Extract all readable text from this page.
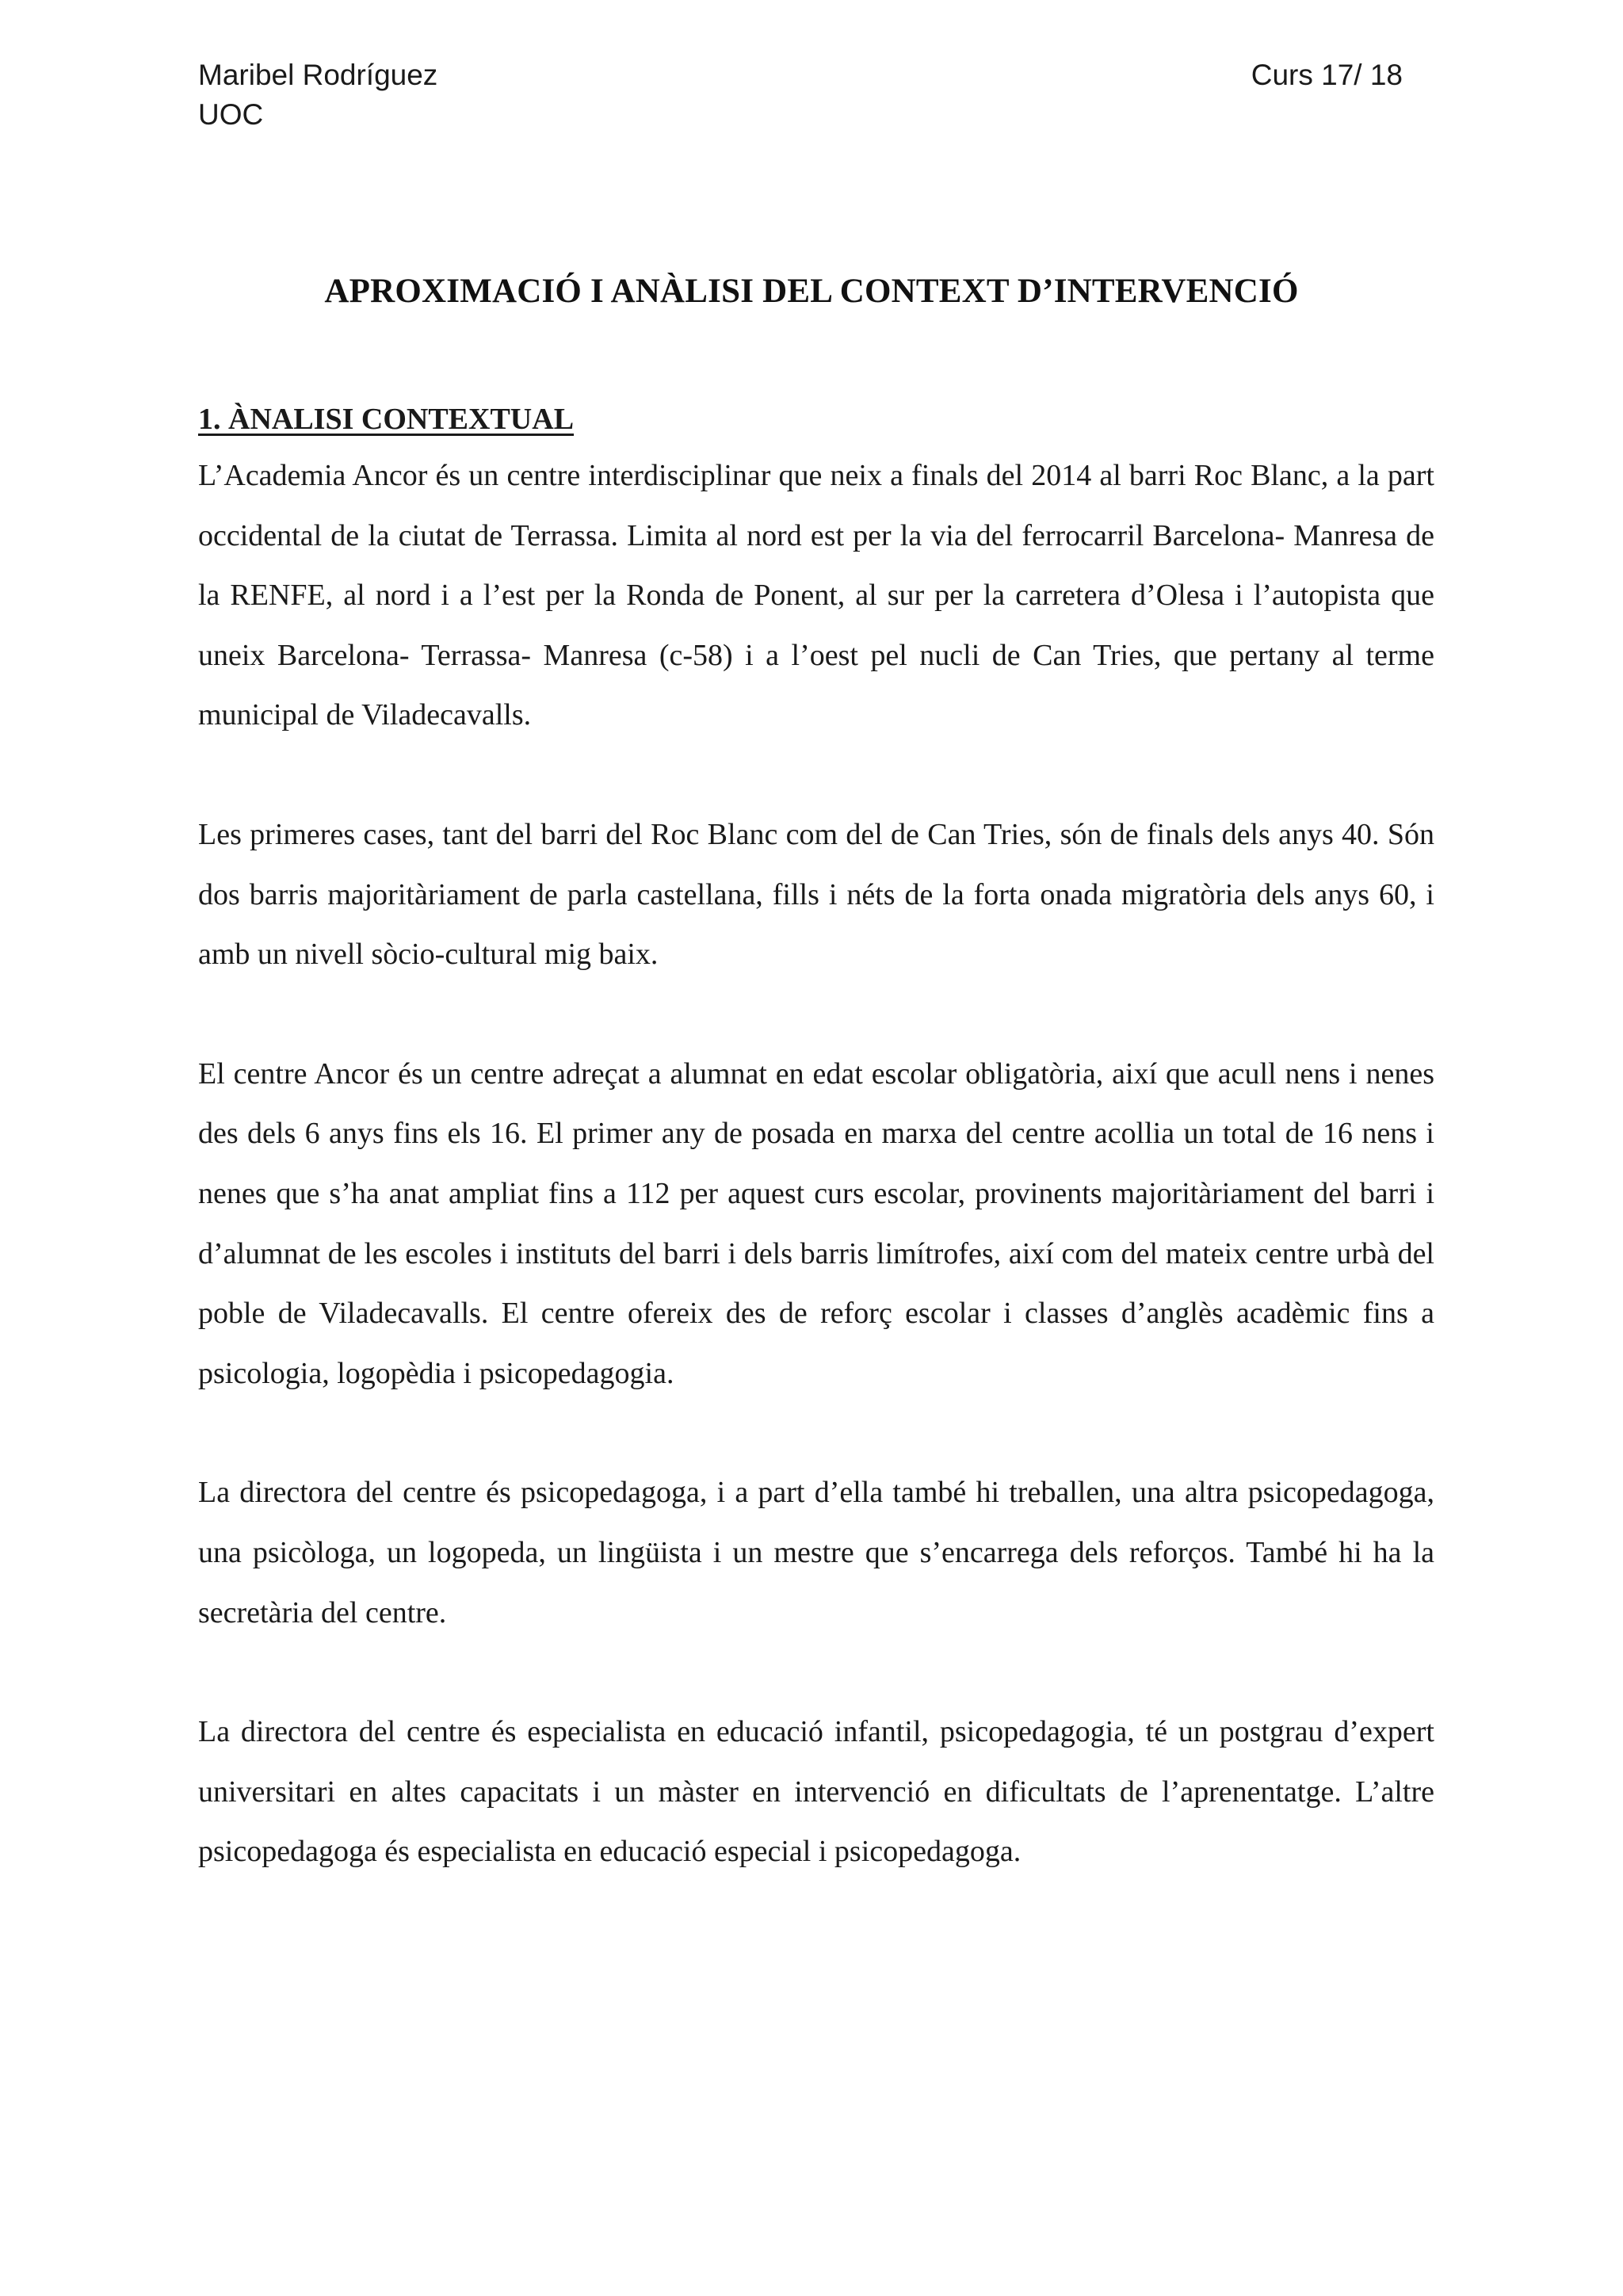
Maribel Rodríguez
UOC
Curs 17/ 18
APROXIMACIÓ I ANÀLISI DEL CONTEXT D’INTERVENCIÓ
1. ÀNALISI CONTEXTUAL

L’Academia Ancor és un centre interdisciplinar que neix a finals del 2014 al barri Roc Blanc, a la part occidental de la ciutat de Terrassa. Limita al nord est per la via del ferrocarril Barcelona- Manresa de la RENFE, al nord i a l’est per la Ronda de Ponent, al sur per la carretera d’Olesa i l’autopista que uneix Barcelona- Terrassa- Manresa (c-58) i a l’oest pel nucli de Can Tries, que pertany al terme municipal de Viladecavalls.

Les primeres cases, tant del barri del Roc Blanc com del de Can Tries, són de finals dels anys 40. Són dos barris majoritàriament de parla castellana, fills i néts de la forta onada migratòria dels anys 60, i amb un nivell sòcio-cultural mig baix.

El centre Ancor és un centre adreçat a alumnat en edat escolar obligatòria, així que acull nens i nenes des dels 6 anys fins els 16. El primer any de posada en marxa del centre acollia un total de 16 nens i nenes que s’ha anat ampliat fins a 112 per aquest curs escolar, provinents majoritàriament del barri i d’alumnat de les escoles i instituts del barri i dels barris limítrofes, així com del mateix centre urbà del poble de Viladecavalls. El centre ofereix des de reforç escolar i classes d’anglès acadèmic fins a psicologia, logopèdia i psicopedagogia.

La directora del centre és psicopedagoga, i a part d’ella també hi treballen, una altra psicopedagoga, una psicòloga, un logopeda, un lingüista i un mestre que s’encarrega dels reforços. També hi ha la secretària del centre.

La directora del centre és especialista en educació infantil, psicopedagogia, té un postgrau d’expert universitari en altes capacitats i un màster en intervenció en dificultats de l’aprenentatge. L’altre psicopedagoga és especialista en educació especial i psicopedagoga.
